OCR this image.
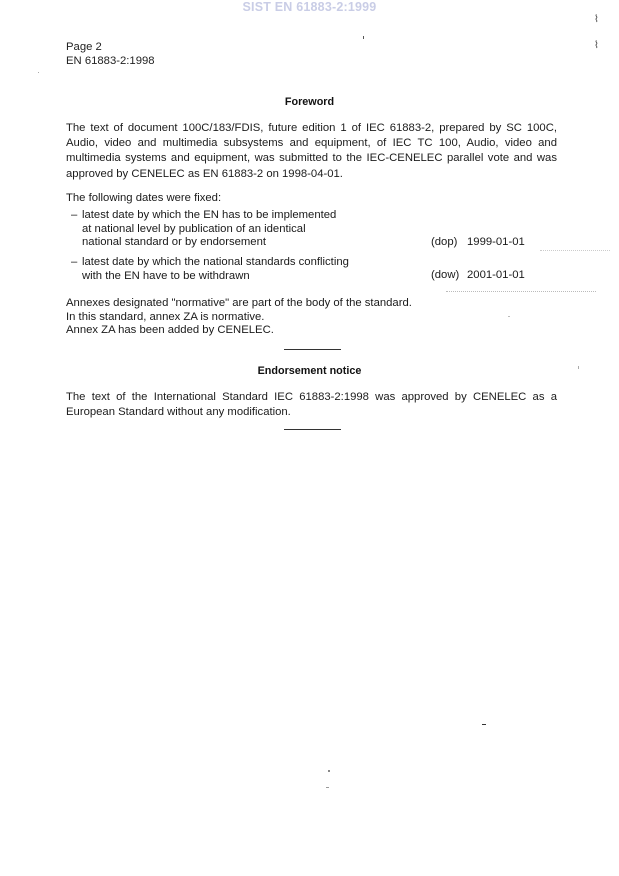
SIST EN 61883-2:1999
Page 2
EN 61883-2:1998
Foreword
The text of document 100C/183/FDIS, future edition 1 of IEC 61883-2, prepared by SC 100C,
Audio, video and multimedia subsystems and equipment, of IEC TC 100, Audio, video and
multimedia systems and equipment, was submitted to the IEC-CENELEC parallel vote and was
approved by CENELEC as EN 61883-2 on 1998-04-01.
The following dates were fixed:
– latest date by which the EN has to be implemented
at national level by publication of an identical
national standard or by endorsement	(dop) 1999-01-01
– latest date by which the national standards conflicting
with the EN have to be withdrawn	(dow) 2001-01-01
Annexes designated "normative" are part of the body of the standard.
In this standard, annex ZA is normative.
Annex ZA has been added by CENELEC.
Endorsement notice
The text of the International Standard IEC 61883-2:1998 was approved by CENELEC as a
European Standard without any modification.
⌇
⌇
